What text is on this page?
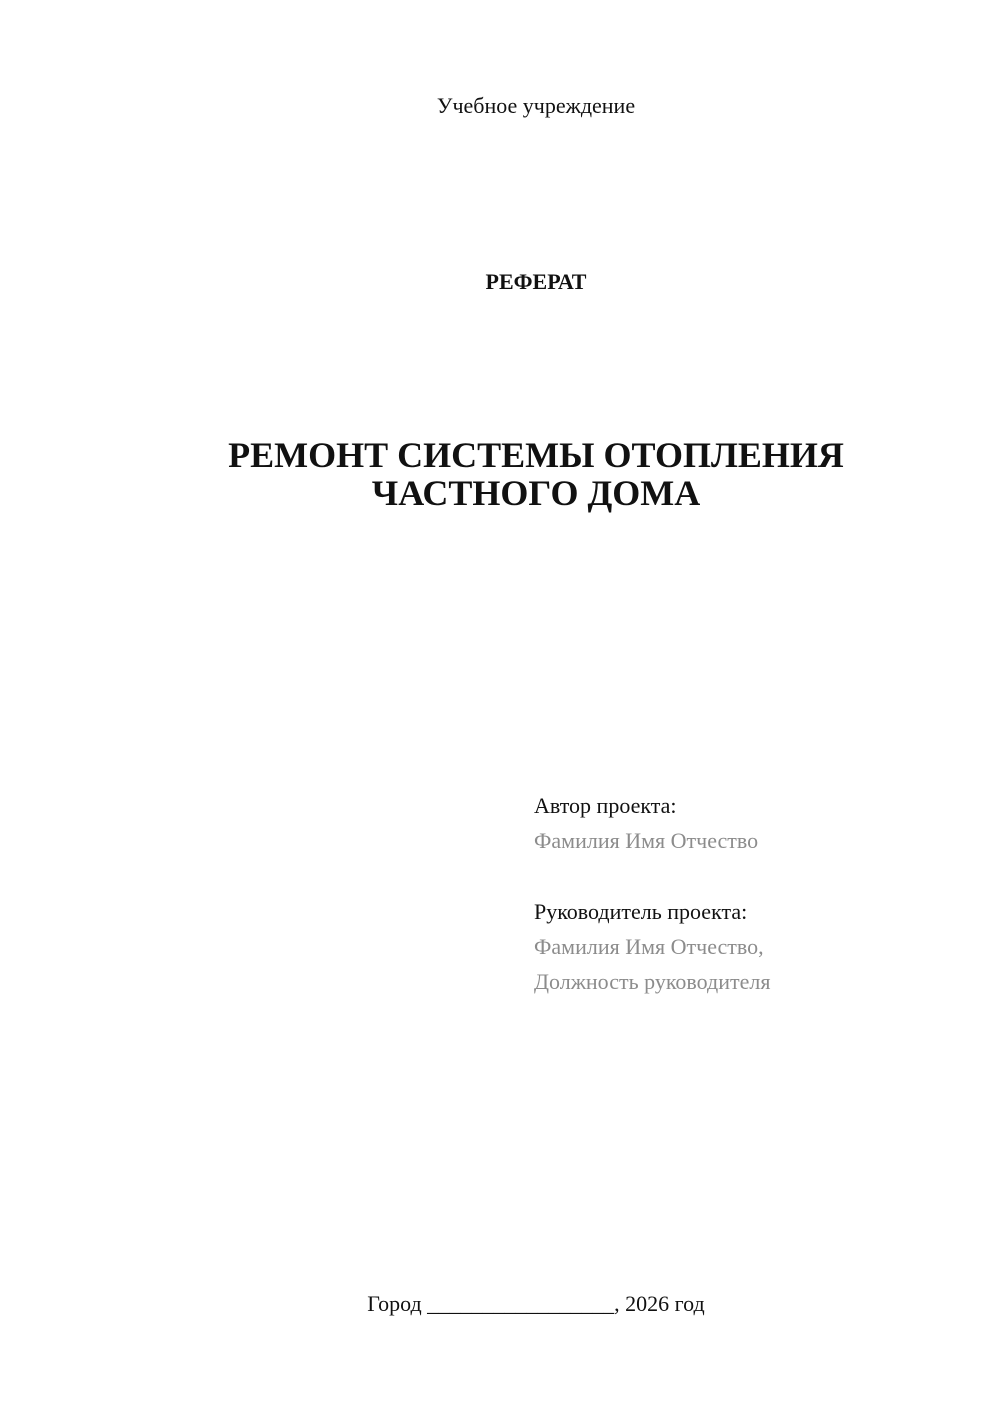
Учебное учреждение
РЕФЕРАТ
РЕМОНТ СИСТЕМЫ ОТОПЛЕНИЯ
ЧАСТНОГО ДОМА
Автор проекта:
Фамилия Имя Отчество
Руководитель проекта:
Фамилия Имя Отчество,
Должность руководителя
Город _________________, 2026 год
